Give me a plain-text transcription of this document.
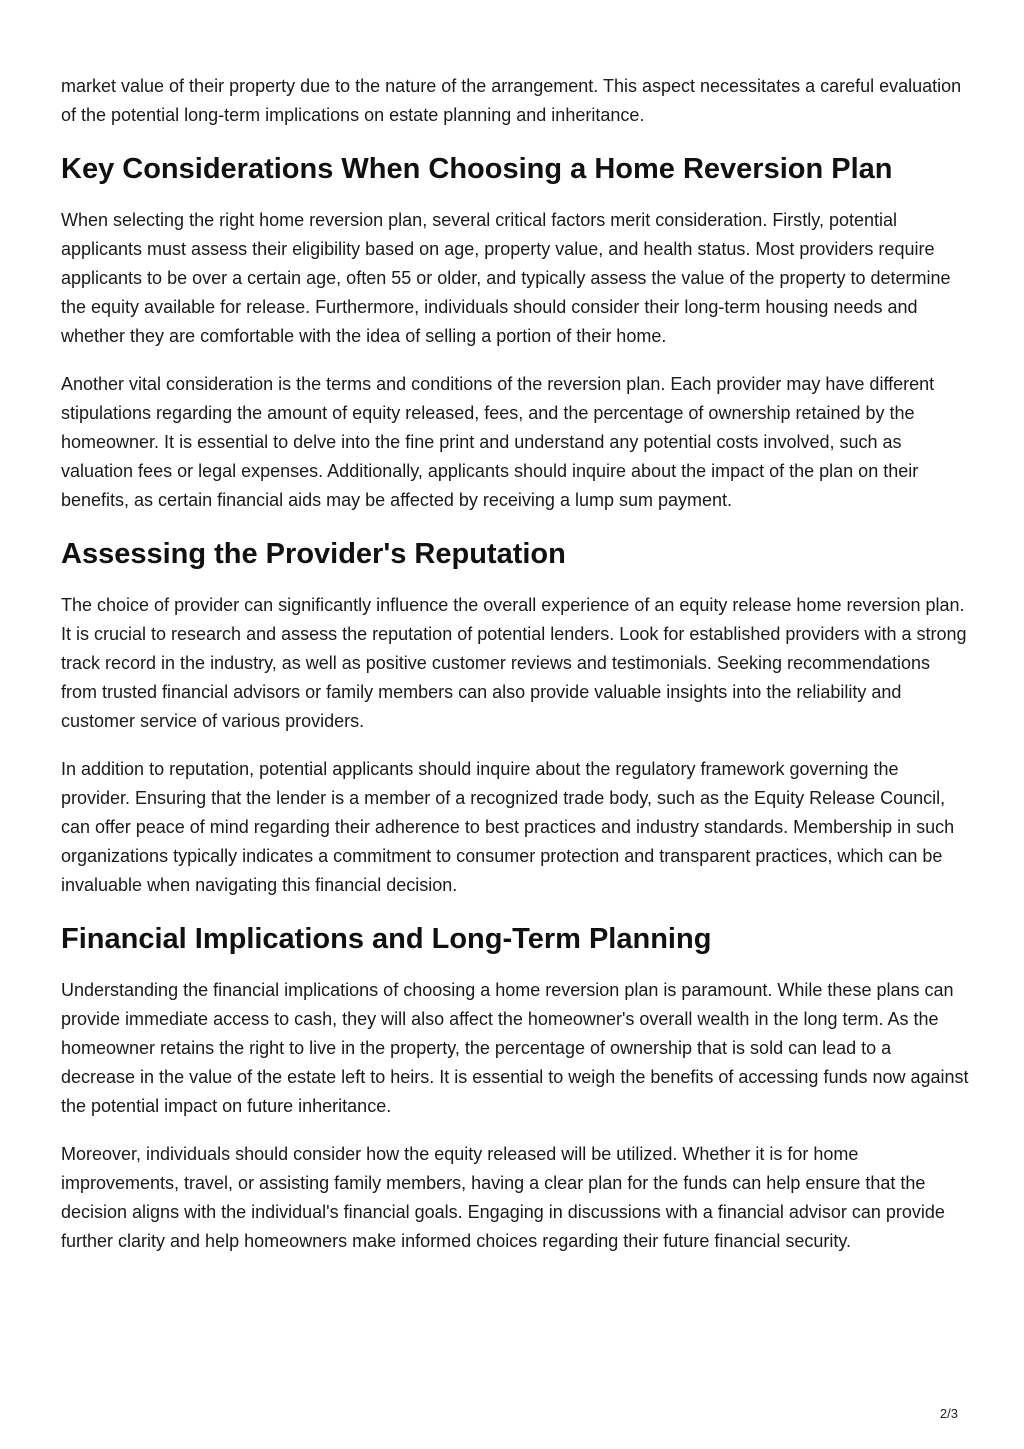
market value of their property due to the nature of the arrangement. This aspect necessitates a careful evaluation of the potential long-term implications on estate planning and inheritance.

Key Considerations When Choosing a Home Reversion Plan

When selecting the right home reversion plan, several critical factors merit consideration. Firstly, potential applicants must assess their eligibility based on age, property value, and health status. Most providers require applicants to be over a certain age, often 55 or older, and typically assess the value of the property to determine the equity available for release. Furthermore, individuals should consider their long-term housing needs and whether they are comfortable with the idea of selling a portion of their home.

Another vital consideration is the terms and conditions of the reversion plan. Each provider may have different stipulations regarding the amount of equity released, fees, and the percentage of ownership retained by the homeowner. It is essential to delve into the fine print and understand any potential costs involved, such as valuation fees or legal expenses. Additionally, applicants should inquire about the impact of the plan on their benefits, as certain financial aids may be affected by receiving a lump sum payment.

Assessing the Provider's Reputation

The choice of provider can significantly influence the overall experience of an equity release home reversion plan. It is crucial to research and assess the reputation of potential lenders. Look for established providers with a strong track record in the industry, as well as positive customer reviews and testimonials. Seeking recommendations from trusted financial advisors or family members can also provide valuable insights into the reliability and customer service of various providers.

In addition to reputation, potential applicants should inquire about the regulatory framework governing the provider. Ensuring that the lender is a member of a recognized trade body, such as the Equity Release Council, can offer peace of mind regarding their adherence to best practices and industry standards. Membership in such organizations typically indicates a commitment to consumer protection and transparent practices, which can be invaluable when navigating this financial decision.

Financial Implications and Long-Term Planning

Understanding the financial implications of choosing a home reversion plan is paramount. While these plans can provide immediate access to cash, they will also affect the homeowner's overall wealth in the long term. As the homeowner retains the right to live in the property, the percentage of ownership that is sold can lead to a decrease in the value of the estate left to heirs. It is essential to weigh the benefits of accessing funds now against the potential impact on future inheritance.

Moreover, individuals should consider how the equity released will be utilized. Whether it is for home improvements, travel, or assisting family members, having a clear plan for the funds can help ensure that the decision aligns with the individual's financial goals. Engaging in discussions with a financial advisor can provide further clarity and help homeowners make informed choices regarding their future financial security.

2/3
